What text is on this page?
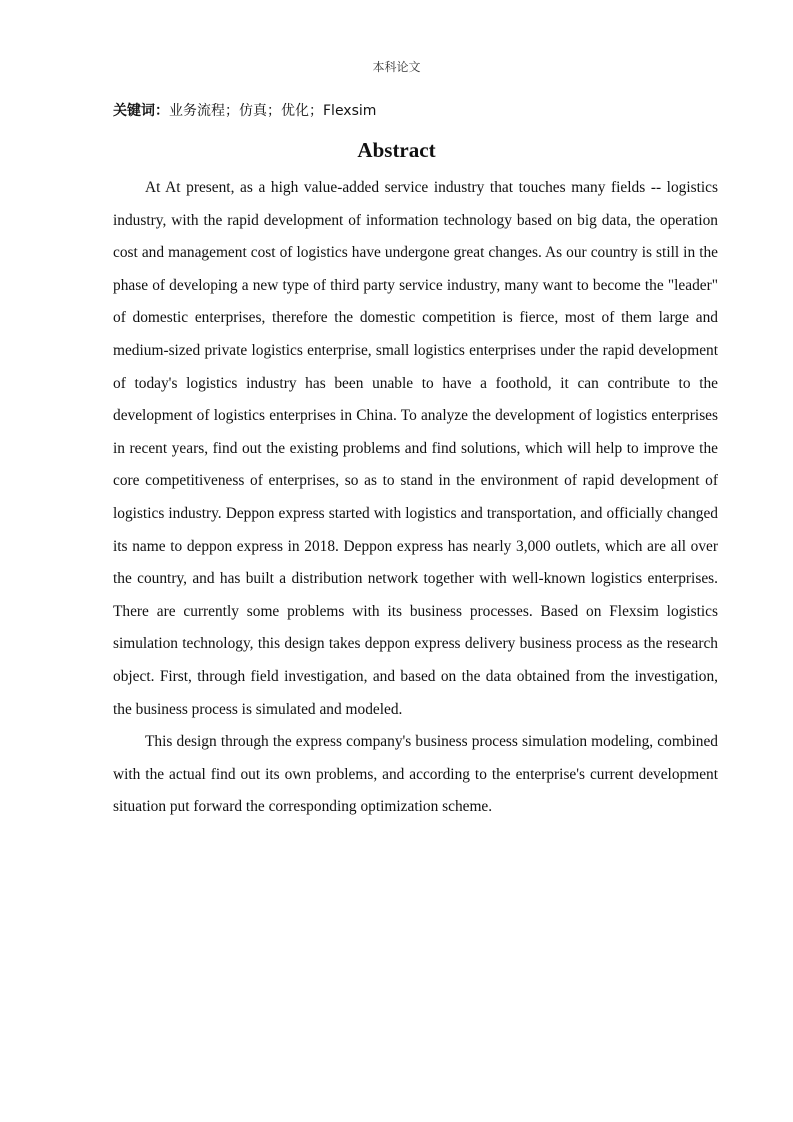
本科论文
关键词：业务流程；仿真；优化；Flexsim
Abstract

At At present, as a high value-added service industry that touches many fields -- logistics industry, with the rapid development of information technology based on big data, the operation cost and management cost of logistics have undergone great changes. As our country is still in the phase of developing a new type of third party service industry, many want to become the "leader" of domestic enterprises, therefore the domestic competition is fierce, most of them large and medium-sized private logistics enterprise, small logistics enterprises under the rapid development of today's logistics industry has been unable to have a foothold, it can contribute to the development of logistics enterprises in China. To analyze the development of logistics enterprises in recent years, find out the existing problems and find solutions, which will help to improve the core competitiveness of enterprises, so as to stand in the environment of rapid development of logistics industry. Deppon express started with logistics and transportation, and officially changed its name to deppon express in 2018. Deppon express has nearly 3,000 outlets, which are all over the country, and has built a distribution network together with well-known logistics enterprises. There are currently some problems with its business processes. Based on Flexsim logistics simulation technology, this design takes deppon express delivery business process as the research object. First, through field investigation, and based on the data obtained from the investigation, the business process is simulated and modeled.

This design through the express company's business process simulation modeling, combined with the actual find out its own problems, and according to the enterprise's current development situation put forward the corresponding optimization scheme.
